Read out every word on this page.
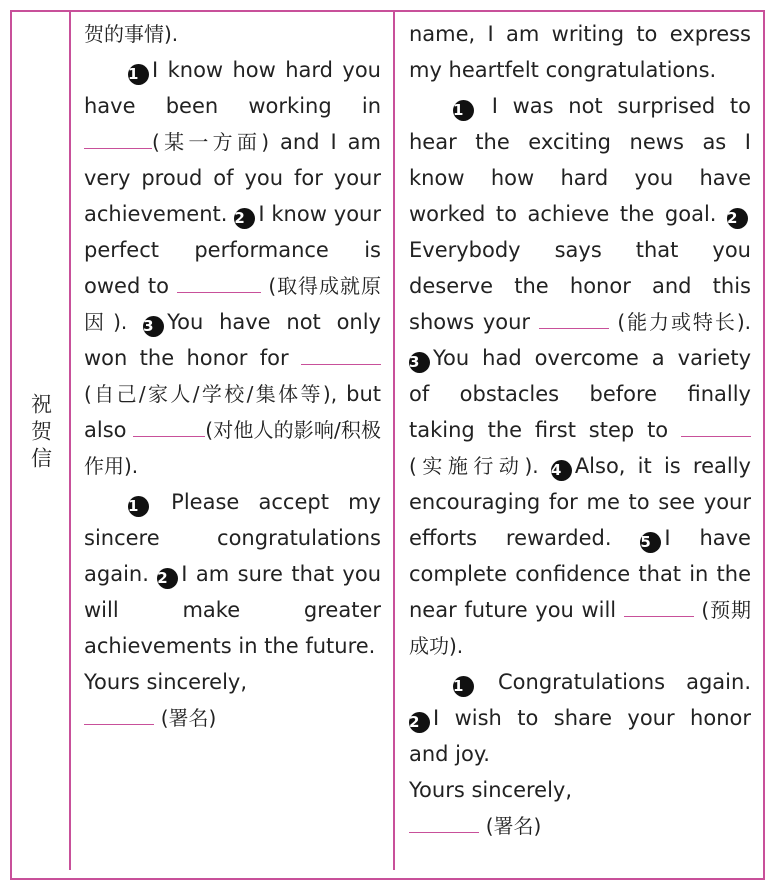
祝贺信

贺的事情).

1 I know how hard you have been working in (某一方面) and I am very proud of you for your achievement. 2 I know your perfect performance is owed to	(取得成就原因). 3 You have not only won the honor for  (自己/家人/学校/集体等), but also	(对他人的影响/积极作用).

1 Please accept my sincere congratulations again. 2 I am sure that you will make greater achievements in the future.

Yours sincerely,

(署名)

name, I am writing to express my heartfelt congratulations.

1 I was not surprised to hear the exciting news as I know how hard you have worked to achieve the goal. 2Everybody says that you deserve the honor and this shows your	(能力或特长). 3 You had overcome a variety of obstacles before finally taking the first step to  (实施行动). 4 Also, it is really encouraging for me to see your efforts rewarded. 5 I have complete confidence that in the near future you will	(预期成功).

1 Congratulations again. 2 I wish to share your honor and joy.

Yours sincerely,

(署名)
